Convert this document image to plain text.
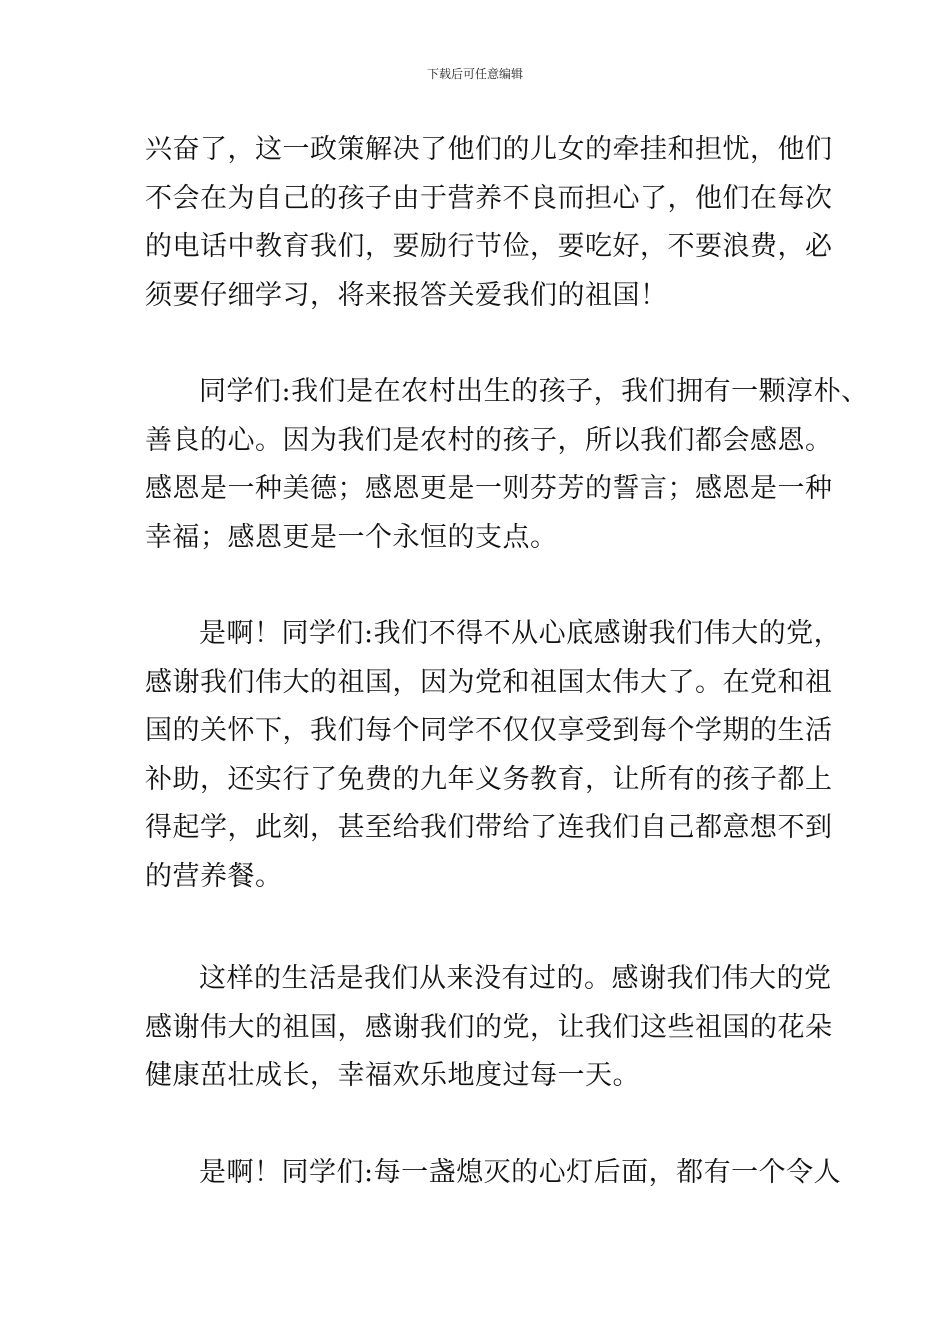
下载后可任意编辑
兴奋了，这一政策解决了他们的儿女的牵挂和担忧，他们
不会在为自己的孩子由于营养不良而担心了，他们在每次
的电话中教育我们，要励行节俭，要吃好，不要浪费，必
须要仔细学习，将来报答关爱我们的祖国！
同学们:我们是在农村出生的孩子，我们拥有一颗淳朴、
善良的心。因为我们是农村的孩子，所以我们都会感恩。
感恩是一种美德；感恩更是一则芬芳的誓言；感恩是一种
幸福；感恩更是一个永恒的支点。
是啊！同学们:我们不得不从心底感谢我们伟大的党，
感谢我们伟大的祖国，因为党和祖国太伟大了。在党和祖
国的关怀下，我们每个同学不仅仅享受到每个学期的生活
补助，还实行了免费的九年义务教育，让所有的孩子都上
得起学，此刻，甚至给我们带给了连我们自己都意想不到
的营养餐。
这样的生活是我们从来没有过的。感谢我们伟大的党
感谢伟大的祖国，感谢我们的党，让我们这些祖国的花朵
健康茁壮成长，幸福欢乐地度过每一天。
是啊！同学们:每一盏熄灭的心灯后面，都有一个令人
